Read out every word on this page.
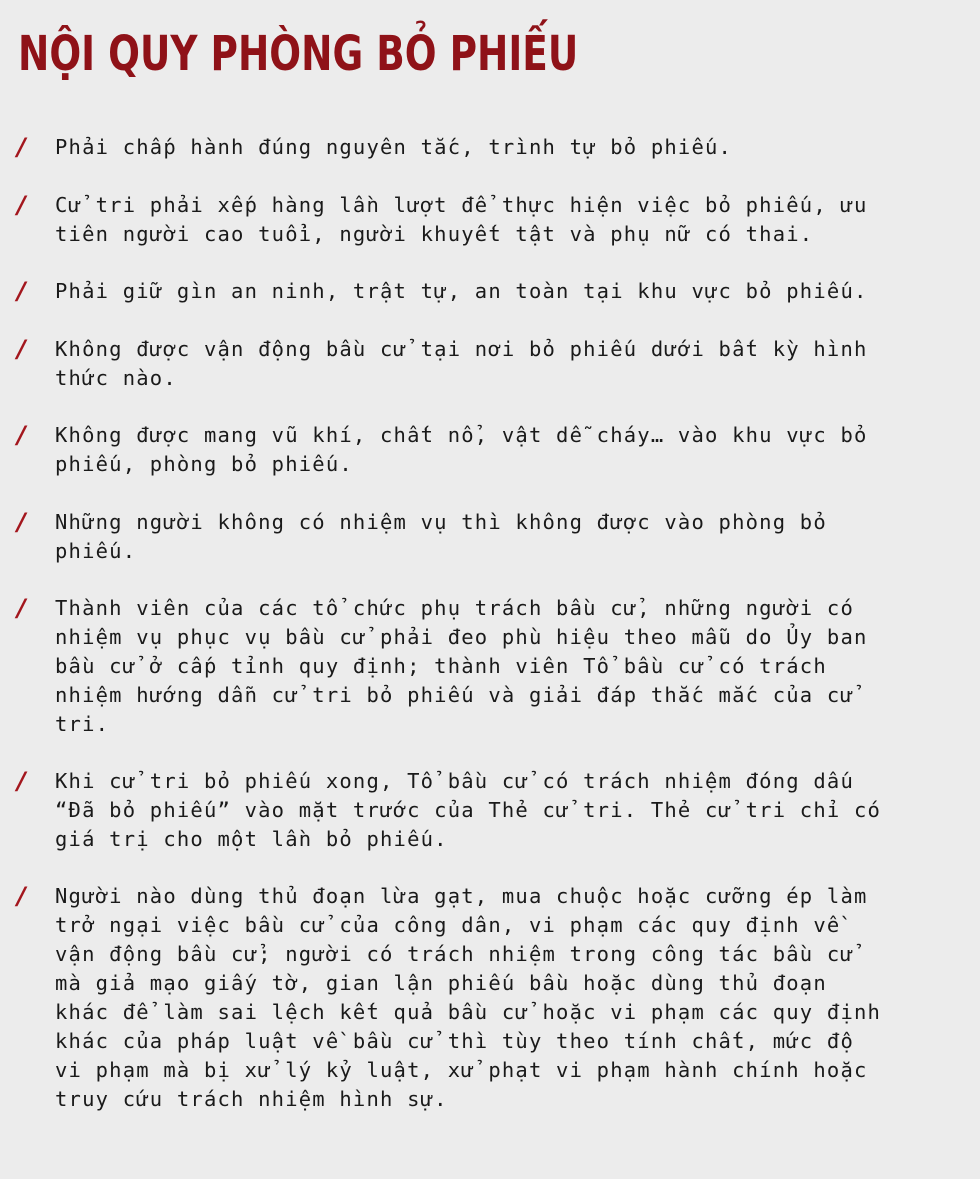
NỘI QUY PHÒNG BỎ PHIẾU
/ Phải chấp hành đúng nguyên tắc, trình tự bỏ phiếu.
/ Cử tri phải xếp hàng lần lượt để thực hiện việc bỏ phiếu, ưu
tiên người cao tuổi, người khuyết tật và phụ nữ có thai.
/ Phải giữ gìn an ninh, trật tự, an toàn tại khu vực bỏ phiếu.
/ Không được vận động bầu cử tại nơi bỏ phiếu dưới bất kỳ hình
thức nào.
/ Không được mang vũ khí, chất nổ, vật dễ cháy… vào khu vực bỏ
phiếu, phòng bỏ phiếu.
/ Những người không có nhiệm vụ thì không được vào phòng bỏ
phiếu.
/ Thành viên của các tổ chức phụ trách bầu cử, những người có
nhiệm vụ phục vụ bầu cử phải đeo phù hiệu theo mẫu do Ủy ban
bầu cử ở cấp tỉnh quy định; thành viên Tổ bầu cử có trách
nhiệm hướng dẫn cử tri bỏ phiếu và giải đáp thắc mắc của cử
tri.
/ Khi cử tri bỏ phiếu xong, Tổ bầu cử có trách nhiệm đóng dấu
“Đã bỏ phiếu” vào mặt trước của Thẻ cử tri. Thẻ cử tri chỉ có
giá trị cho một lần bỏ phiếu.
/ Người nào dùng thủ đoạn lừa gạt, mua chuộc hoặc cưỡng ép làm
trở ngại việc bầu cử của công dân, vi phạm các quy định về
vận động bầu cử; người có trách nhiệm trong công tác bầu cử
mà giả mạo giấy tờ, gian lận phiếu bầu hoặc dùng thủ đoạn
khác để làm sai lệch kết quả bầu cử hoặc vi phạm các quy định
khác của pháp luật về bầu cử thì tùy theo tính chất, mức độ
vi phạm mà bị xử lý kỷ luật, xử phạt vi phạm hành chính hoặc
truy cứu trách nhiệm hình sự.
